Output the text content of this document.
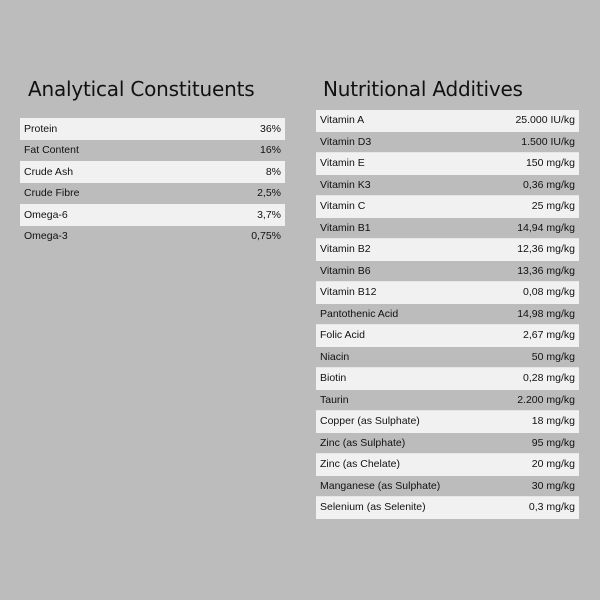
Analytical Constituents	Nutritional Additives
Protein	36%
Fat Content	16%
Crude Ash	8%
Crude Fibre	2,5%
Omega-6	3,7%
Omega-3	0,75%
Vitamin A	25.000 IU/kg
Vitamin D3	1.500 IU/kg
Vitamin E	150 mg/kg
Vitamin K3	0,36 mg/kg
Vitamin C	25 mg/kg
Vitamin B1	14,94 mg/kg
Vitamin B2	12,36 mg/kg
Vitamin B6	13,36 mg/kg
Vitamin B12	0,08 mg/kg
Pantothenic Acid	14,98 mg/kg
Folic Acid	2,67 mg/kg
Niacin	50 mg/kg
Biotin	0,28 mg/kg
Taurin	2.200 mg/kg
Copper (as Sulphate)	18 mg/kg
Zinc (as Sulphate)	95 mg/kg
Zinc (as Chelate)	20 mg/kg
Manganese (as Sulphate)	30 mg/kg
Selenium (as Selenite)	0,3 mg/kg
